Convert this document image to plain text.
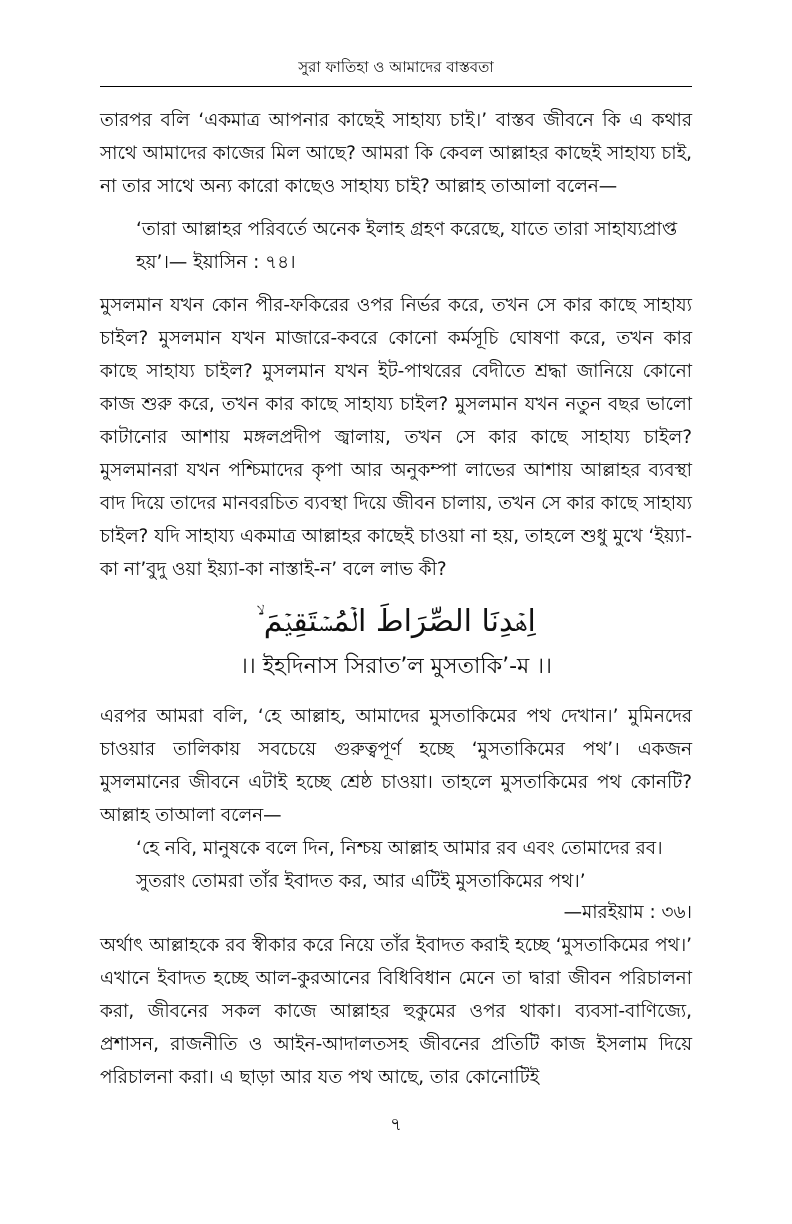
সুরা ফাতিহা ও আমাদের বাস্তবতা

তারপর বলি ‘একমাত্র আপনার কাছেই সাহায্য চাই।’ বাস্তব জীবনে কি এ কথার সাথে আমাদের কাজের মিল আছে? আমরা কি কেবল আল্লাহর কাছেই সাহায্য চাই, না তার সাথে অন্য কারো কাছেও সাহায্য চাই? আল্লাহ তাআলা বলেন—

‘তারা আল্লাহর পরিবর্তে অনেক ইলাহ গ্রহণ করেছে, যাতে তারা সাহায্যপ্রাপ্ত হয়’।— ইয়াসিন : ৭৪।

মুসলমান যখন কোন পীর-ফকিরের ওপর নির্ভর করে, তখন সে কার কাছে সাহায্য চাইল? মুসলমান যখন মাজারে-কবরে কোনো কর্মসূচি ঘোষণা করে, তখন কার কাছে সাহায্য চাইল? মুসলমান যখন ইট-পাথরের বেদীতে শ্রদ্ধা জানিয়ে কোনো কাজ শুরু করে, তখন কার কাছে সাহায্য চাইল? মুসলমান যখন নতুন বছর ভালো কাটানোর আশায় মঙ্গলপ্রদীপ জ্বালায়, তখন সে কার কাছে সাহায্য চাইল? মুসলমানরা যখন পশ্চিমাদের কৃপা আর অনুকম্পা লাভের আশায় আল্লাহর ব্যবস্থা বাদ দিয়ে তাদের মানবরচিত ব্যবস্থা দিয়ে জীবন চালায়, তখন সে কার কাছে সাহায্য চাইল? যদি সাহায্য একমাত্র আল্লাহর কাছেই চাওয়া না হয়, তাহলে শুধু মুখে ‘ইয়্যা-কা না’বুদু ওয়া ইয়্যা-কা নাস্তাই-ন’ বলে লাভ কী?

اِهۡدِنَا الصِّرَاطَ الۡمُسۡتَقِيۡمَ ۙ
।। ইহদিনাস সিরাত’ল মুসতাকি’-ম ।।

এরপর আমরা বলি, ‘হে আল্লাহ, আমাদের মুসতাকিমের পথ দেখান।’ মুমিনদের চাওয়ার তালিকায় সবচেয়ে গুরুত্বপূর্ণ হচ্ছে ‘মুসতাকিমের পথ’। একজন মুসলমানের জীবনে এটাই হচ্ছে শ্রেষ্ঠ চাওয়া। তাহলে মুসতাকিমের পথ কোনটি? আল্লাহ তাআলা বলেন—

‘হে নবি, মানুষকে বলে দিন, নিশ্চয় আল্লাহ আমার রব এবং তোমাদের রব। সুতরাং তোমরা তাঁর ইবাদত কর, আর এটিই মুসতাকিমের পথ।’
—মারইয়াম : ৩৬।

অর্থাৎ আল্লাহকে রব স্বীকার করে নিয়ে তাঁর ইবাদত করাই হচ্ছে ‘মুসতাকিমের পথ।’ এখানে ইবাদত হচ্ছে আল-কুরআনের বিধিবিধান মেনে তা দ্বারা জীবন পরিচালনা করা, জীবনের সকল কাজে আল্লাহর হুকুমের ওপর থাকা। ব্যবসা-বাণিজ্যে, প্রশাসন, রাজনীতি ও আইন-আদালতসহ জীবনের প্রতিটি কাজ ইসলাম দিয়ে পরিচালনা করা। এ ছাড়া আর যত পথ আছে, তার কোনোটিই

৭
